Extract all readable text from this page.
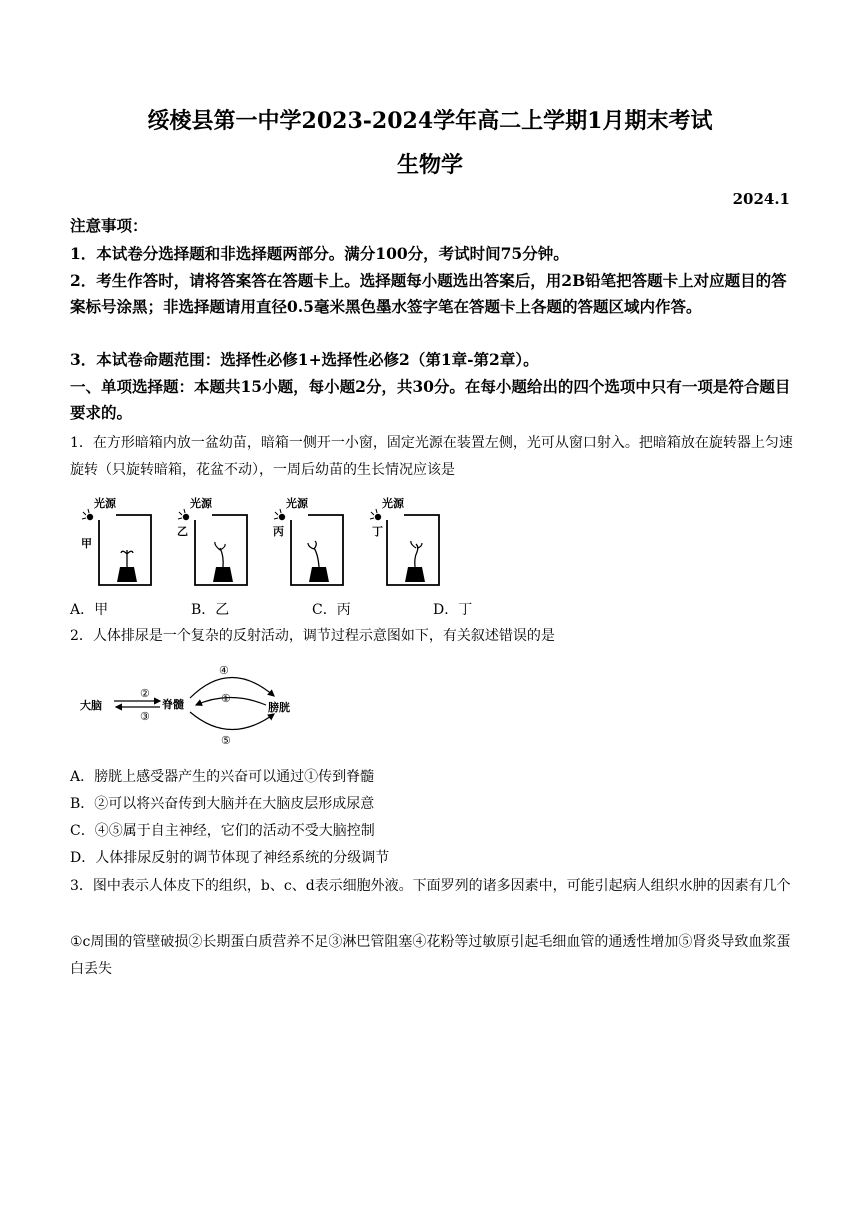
绥棱县第一中学2023-2024学年高二上学期1月期末考试
生物学
2024.1
注意事项：
1．本试卷分选择题和非选择题两部分。满分100分，考试时间75分钟。
2．考生作答时，请将答案答在答题卡上。选择题每小题选出答案后，用2B铅笔把答题卡上对应题目的答案标号涂黑；非选择题请用直径0.5毫米黑色墨水签字笔在答题卡上各题的答题区域内作答。
3．本试卷命题范围：选择性必修1+选择性必修2（第1章-第2章）。
一、单项选择题：本题共15小题，每小题2分，共30分。在每小题给出的四个选项中只有一项是符合题目要求的。
1．在方形暗箱内放一盆幼苗，暗箱一侧开一小窗，固定光源在装置左侧，光可从窗口射入。把暗箱放在旋转器上匀速旋转（只旋转暗箱，花盆不动），一周后幼苗的生长情况应该是
光源
甲
光源
乙
光源
丙
光源
丁
A．甲	B．乙	C．丙	D．丁
2．人体排尿是一个复杂的反射活动，调节过程示意图如下，有关叙述错误的是
大脑	脊髓	膀胱
②
③
④
①
⑤
A．膀胱上感受器产生的兴奋可以通过①传到脊髓
B．②可以将兴奋传到大脑并在大脑皮层形成尿意
C．④⑤属于自主神经，它们的活动不受大脑控制
D．人体排尿反射的调节体现了神经系统的分级调节
3．图中表示人体皮下的组织，b、c、d表示细胞外液。下面罗列的诸多因素中，可能引起病人组织水肿的因素有几个
①c周围的管壁破损②长期蛋白质营养不足③淋巴管阻塞④花粉等过敏原引起毛细血管的通透性增加⑤肾炎导致血浆蛋白丢失
